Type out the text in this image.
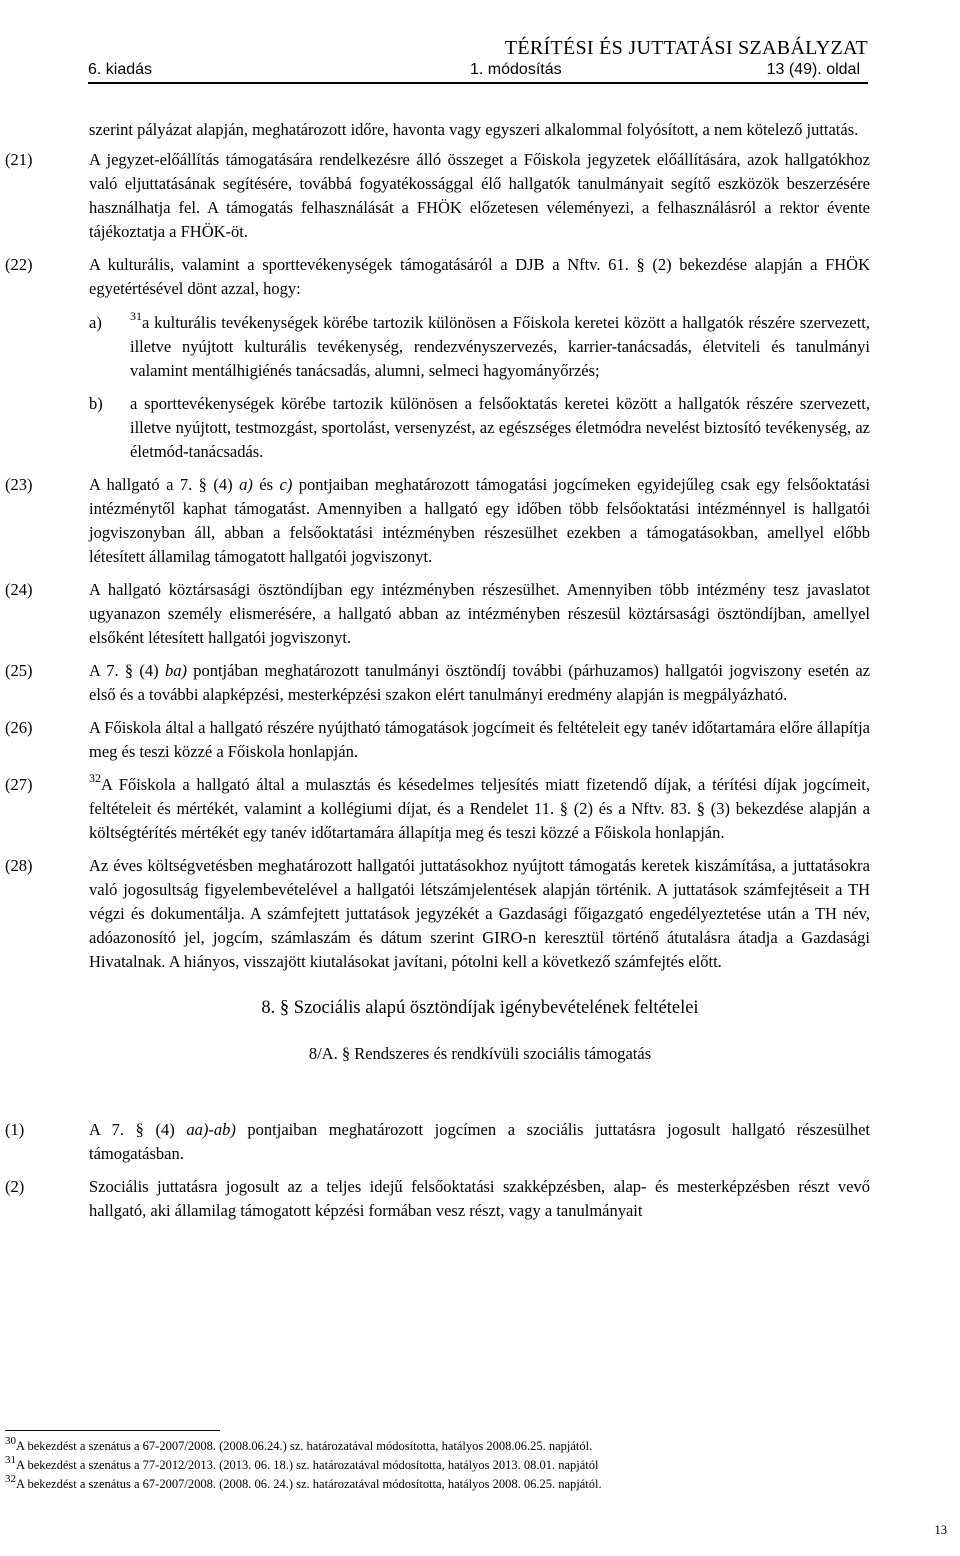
TÉRÍTÉSI ÉS JUTTATÁSI SZABÁLYZAT
6. kiadás	1. módosítás	13 (49). oldal
szerint pályázat alapján, meghatározott időre, havonta vagy egyszeri alkalommal folyósított, a nem kötelező juttatás.
(21)	A jegyzet-előállítás támogatására rendelkezésre álló összeget a Főiskola jegyzetek előállítására, azok hallgatókhoz való eljuttatásának segítésére, továbbá fogyatékossággal élő hallgatók tanulmányait segítő eszközök beszerzésére használhatja fel. A támogatás felhasználását a FHÖK előzetesen véleményezi, a felhasználásról a rektor évente tájékoztatja a FHÖK-öt.
(22)	A kulturális, valamint a sporttevékenységek támogatásáról a DJB a Nftv. 61. § (2) bekezdése alapján a FHÖK egyetértésével dönt azzal, hogy:
a) $^{31}$a kulturális tevékenységek körébe tartozik különösen a Főiskola keretei között a hallgatók részére szervezett, illetve nyújtott kulturális tevékenység, rendezvényszervezés, karrier-tanácsadás, életviteli és tanulmányi valamint mentálhigiénés tanácsadás, alumni, selmeci hagyományőrzés;
b) a sporttevékenységek körébe tartozik különösen a felsőoktatás keretei között a hallgatók részére szervezett, illetve nyújtott, testmozgást, sportolást, versenyzést, az egészséges életmódra nevelést biztosító tevékenység, az életmód-tanácsadás.
(23)	A hallgató a 7. § (4) a) és c) pontjaiban meghatározott támogatási jogcímeken egyidejűleg csak egy felsőoktatási intézménytől kaphat támogatást. Amennyiben a hallgató egy időben több felsőoktatási intézménnyel is hallgatói jogviszonyban áll, abban a felsőoktatási intézményben részesülhet ezekben a támogatásokban, amellyel előbb létesített államilag támogatott hallgatói jogviszonyt.
(24)	A hallgató köztársasági ösztöndíjban egy intézményben részesülhet. Amennyiben több intézmény tesz javaslatot ugyanazon személy elismerésére, a hallgató abban az intézményben részesül köztársasági ösztöndíjban, amellyel elsőként létesített hallgatói jogviszonyt.
(25)	A 7. § (4) ba) pontjában meghatározott tanulmányi ösztöndíj további (párhuzamos) hallgatói jogviszony esetén az első és a további alapképzési, mesterképzési szakon elért tanulmányi eredmény alapján is megpályázható.
(26)	A Főiskola által a hallgató részére nyújtható támogatások jogcímeit és feltételeit egy tanév időtartamára előre állapítja meg és teszi közzé a Főiskola honlapján.
(27)	$^{32}$A Főiskola a hallgató által a mulasztás és késedelmes teljesítés miatt fizetendő díjak, a térítési díjak jogcímeit, feltételeit és mértékét, valamint a kollégiumi díjat, és a Rendelet 11. § (2) és a Nftv. 83. § (3) bekezdése alapján a költségtérítés mértékét egy tanév időtartamára állapítja meg és teszi közzé a Főiskola honlapján.
(28)	Az éves költségvetésben meghatározott hallgatói juttatásokhoz nyújtott támogatás keretek kiszámítása, a juttatásokra való jogosultság figyelembevételével a hallgatói létszámjelentések alapján történik. A juttatások számfejtéseit a TH végzi és dokumentálja. A számfejtett juttatások jegyzékét a Gazdasági főigazgató engedélyeztetése után a TH név, adóazonosító jel, jogcím, számlaszám és dátum szerint GIRO-n keresztül történő átutalásra átadja a Gazdasági Hivatalnak. A hiányos, visszajött kiutalásokat javítani, pótolni kell a következő számfejtés előtt.
8. § Szociális alapú ösztöndíjak igénybevételének feltételei
8/A. § Rendszeres és rendkívüli szociális támogatás
(1)	A 7. § (4) aa)-ab) pontjaiban meghatározott jogcímen a szociális juttatásra jogosult hallgató részesülhet támogatásban.
(2)	Szociális juttatásra jogosult az a teljes idejű felsőoktatási szakképzésben, alap- és mesterképzésben részt vevő hallgató, aki államilag támogatott képzési formában vesz részt, vagy a tanulmányait
$^{30}$A bekezdést a szenátus a 67-2007/2008. (2008.06.24.) sz. határozatával módosította, hatályos 2008.06.25. napjától.
$^{31}$A bekezdést a szenátus a 77-2012/2013. (2013. 06. 18.) sz. határozatával módosította, hatályos 2013. 08.01. napjától
$^{32}$A bekezdést a szenátus a 67-2007/2008. (2008. 06. 24.) sz. határozatával módosította, hatályos 2008. 06.25. napjától.
13
